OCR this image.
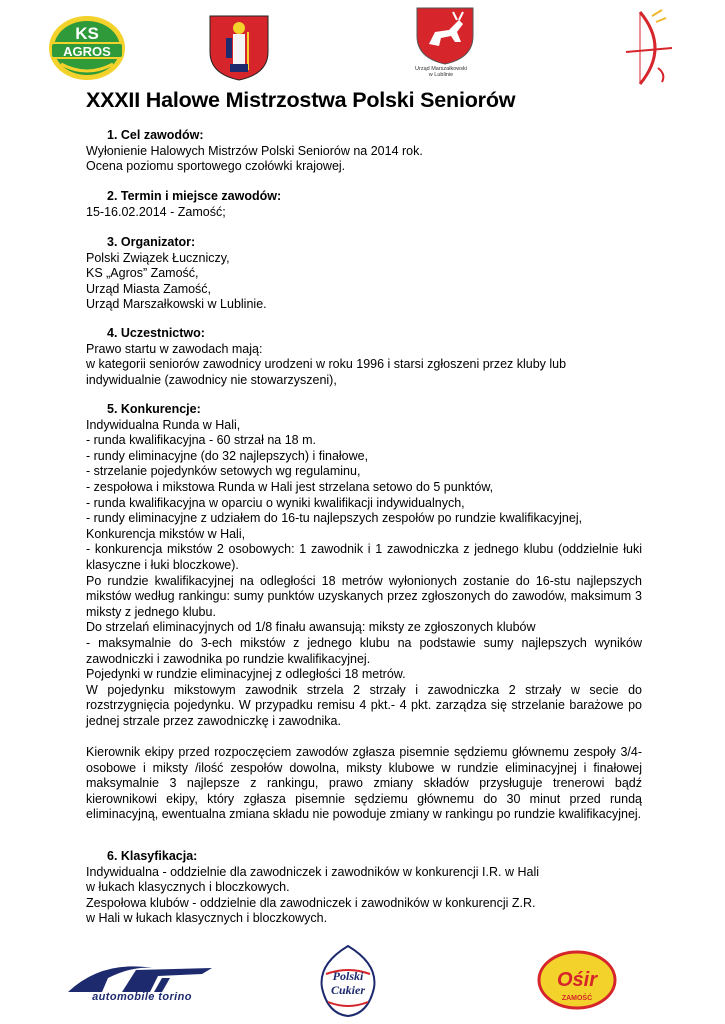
KS
AGROS
Urząd Marszałkowski
w Lublinie
XXXII Halowe Mistrzostwa Polski Seniorów
1. Cel zawodów:
Wyłonienie Halowych Mistrzów Polski Seniorów na 2014 rok.
Ocena poziomu sportowego czołówki krajowej.
2. Termin i miejsce zawodów:
15-16.02.2014 - Zamość;
3. Organizator:
Polski Związek Łuczniczy,
KS „Agros” Zamość,
Urząd Miasta Zamość,
Urząd Marszałkowski w Lublinie.
4. Uczestnictwo:
Prawo startu w zawodach mają:
w kategorii seniorów zawodnicy urodzeni w roku 1996 i starsi zgłoszeni przez kluby lub
indywidualnie (zawodnicy nie stowarzyszeni),
5. Konkurencje:
Indywidualna Runda w Hali,
- runda kwalifikacyjna - 60 strzał na 18 m.
- rundy eliminacyjne (do 32 najlepszych) i finałowe,
- strzelanie pojedynków setowych wg regulaminu,
- zespołowa i mikstowa Runda w Hali jest strzelana setowo do 5 punktów,
- runda kwalifikacyjna w oparciu o wyniki kwalifikacji indywidualnych,
- rundy eliminacyjne z udziałem do 16-tu najlepszych zespołów po rundzie kwalifikacyjnej,
Konkurencja mikstów w Hali,
- konkurencja mikstów 2 osobowych: 1 zawodnik i 1 zawodniczka z jednego klubu (oddzielnie łuki klasyczne i łuki bloczkowe).
Po rundzie kwalifikacyjnej na odległości 18 metrów wyłonionych zostanie do 16-stu najlepszych mikstów według rankingu: sumy punktów uzyskanych przez zgłoszonych do zawodów, maksimum 3 miksty z jednego klubu.
Do strzelań eliminacyjnych od 1/8 finału awansują: miksty ze zgłoszonych klubów
- maksymalnie do 3-ech mikstów z jednego klubu na podstawie sumy najlepszych wyników zawodniczki i zawodnika po rundzie kwalifikacyjnej.
Pojedynki w rundzie eliminacyjnej z odległości 18 metrów.
W pojedynku mikstowym zawodnik strzela 2 strzały i zawodniczka 2 strzały w secie do rozstrzygnięcia pojedynku. W przypadku remisu 4 pkt.- 4 pkt. zarządza się strzelanie barażowe po jednej strzale przez zawodniczkę i zawodnika.
Kierownik ekipy przed rozpoczęciem zawodów zgłasza pisemnie sędziemu głównemu zespoły 3/4-osobowe i miksty /ilość zespołów dowolna, miksty klubowe w rundzie eliminacyjnej i finałowej maksymalnie 3 najlepsze z rankingu, prawo zmiany składów przysługuje trenerowi bądź kierownikowi ekipy, który zgłasza pisemnie sędziemu głównemu do 30 minut przed rundą eliminacyjną, ewentualna zmiana składu nie powoduje zmiany w rankingu po rundzie kwalifikacyjnej.
6. Klasyfikacja:
Indywidualna - oddzielnie dla zawodniczek i zawodników w konkurencji I.R. w Hali
w łukach klasycznych i bloczkowych.
Zespołowa klubów - oddzielnie dla zawodniczek i zawodników w konkurencji Z.R.
w Hali w łukach klasycznych i bloczkowych.
automobile torino
Polski
Cukier	Ośir
ZAMOŚĆ
